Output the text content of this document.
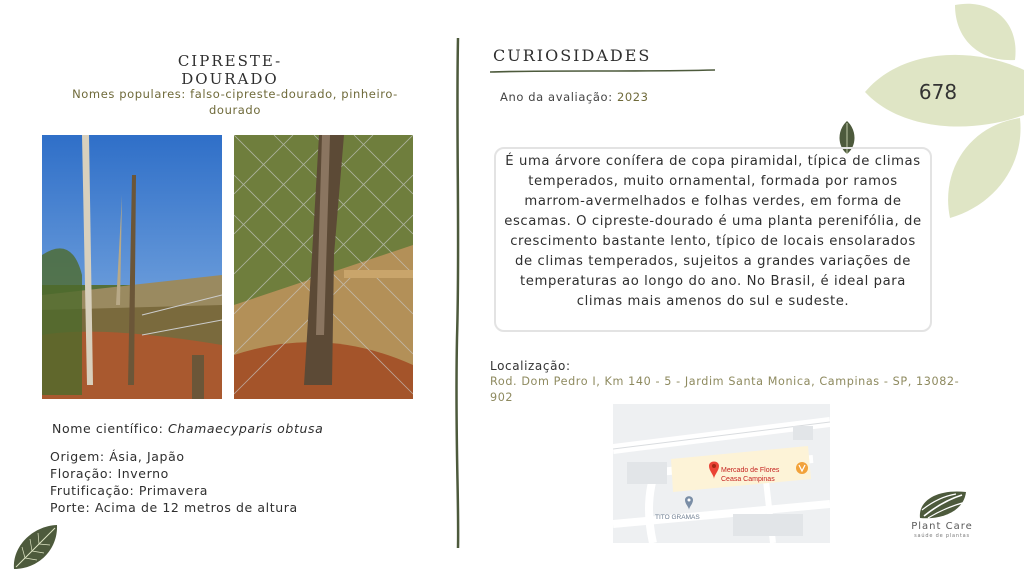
678
CIPRESTE-DOURADO
Nomes populares: falso-cipreste-dourado, pinheiro-dourado
Nome científico: Chamaecyparis obtusa
Origem: Ásia, Japão
Floração: Inverno
Frutificação: Primavera
Porte: Acima de 12 metros de altura
CURIOSIDADES
Ano da avaliação: 2023
É uma árvore conífera de copa piramidal, típica de climas temperados, muito ornamental, formada por ramos marrom-avermelhados e folhas verdes, em forma de escamas. O cipreste-dourado é uma planta perenifólia, de crescimento bastante lento, típico de locais ensolarados de climas temperados, sujeitos a grandes variações de temperaturas ao longo do ano. No Brasil, é ideal para climas mais amenos do sul e sudeste.
Localização:
Rod. Dom Pedro I, Km 140 - 5 - Jardim Santa Monica, Campinas - SP, 13082-902
Mercado de Flores
Ceasa Campinas
TITO GRAMAS
Plant Care
saúde de plantas
